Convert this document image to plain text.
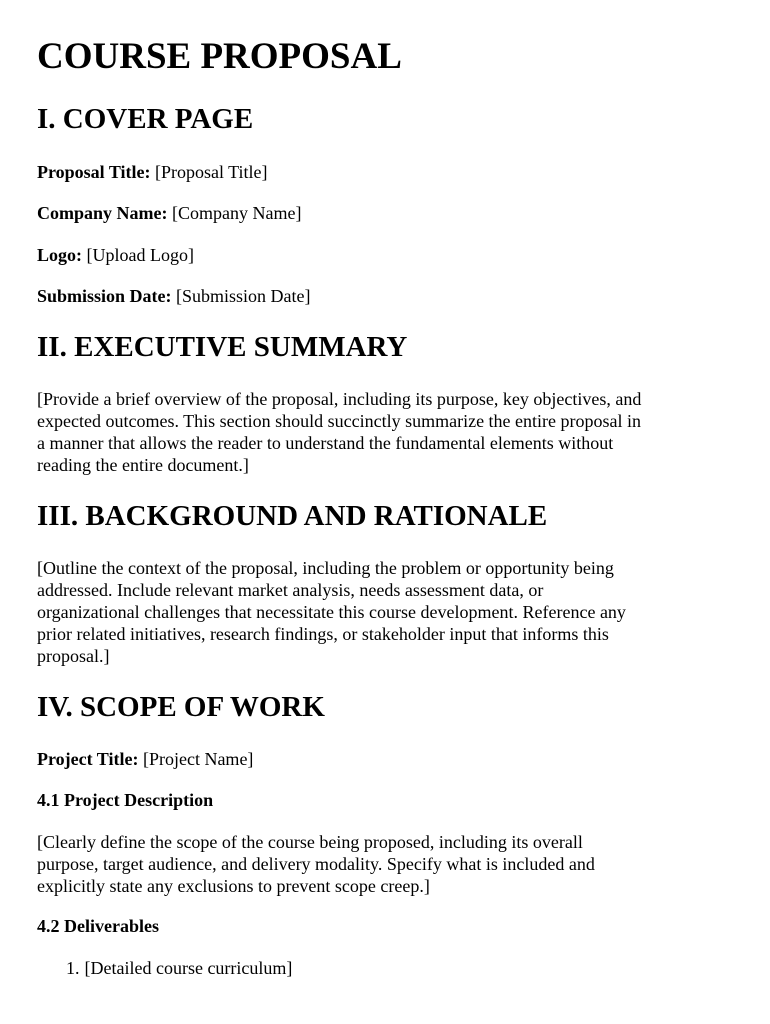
COURSE PROPOSAL
I. COVER PAGE

Proposal Title: [Proposal Title]

Company Name: [Company Name]

Logo: [Upload Logo]

Submission Date: [Submission Date]

II. EXECUTIVE SUMMARY
[Provide a brief overview of the proposal, including its purpose, key objectives, and
expected outcomes. This section should succinctly summarize the entire proposal in
a manner that allows the reader to understand the fundamental elements without
reading the entire document.]
III. BACKGROUND AND RATIONALE
[Outline the context of the proposal, including the problem or opportunity being
addressed. Include relevant market analysis, needs assessment data, or
organizational challenges that necessitate this course development. Reference any
prior related initiatives, research findings, or stakeholder input that informs this
proposal.]
IV. SCOPE OF WORK

Project Title: [Project Name]

4.1 Project Description

[Clearly define the scope of the course being proposed, including its overall
purpose, target audience, and delivery modality. Specify what is included and
explicitly state any exclusions to prevent scope creep.]

4.2 Deliverables

1. [Detailed course curriculum]
